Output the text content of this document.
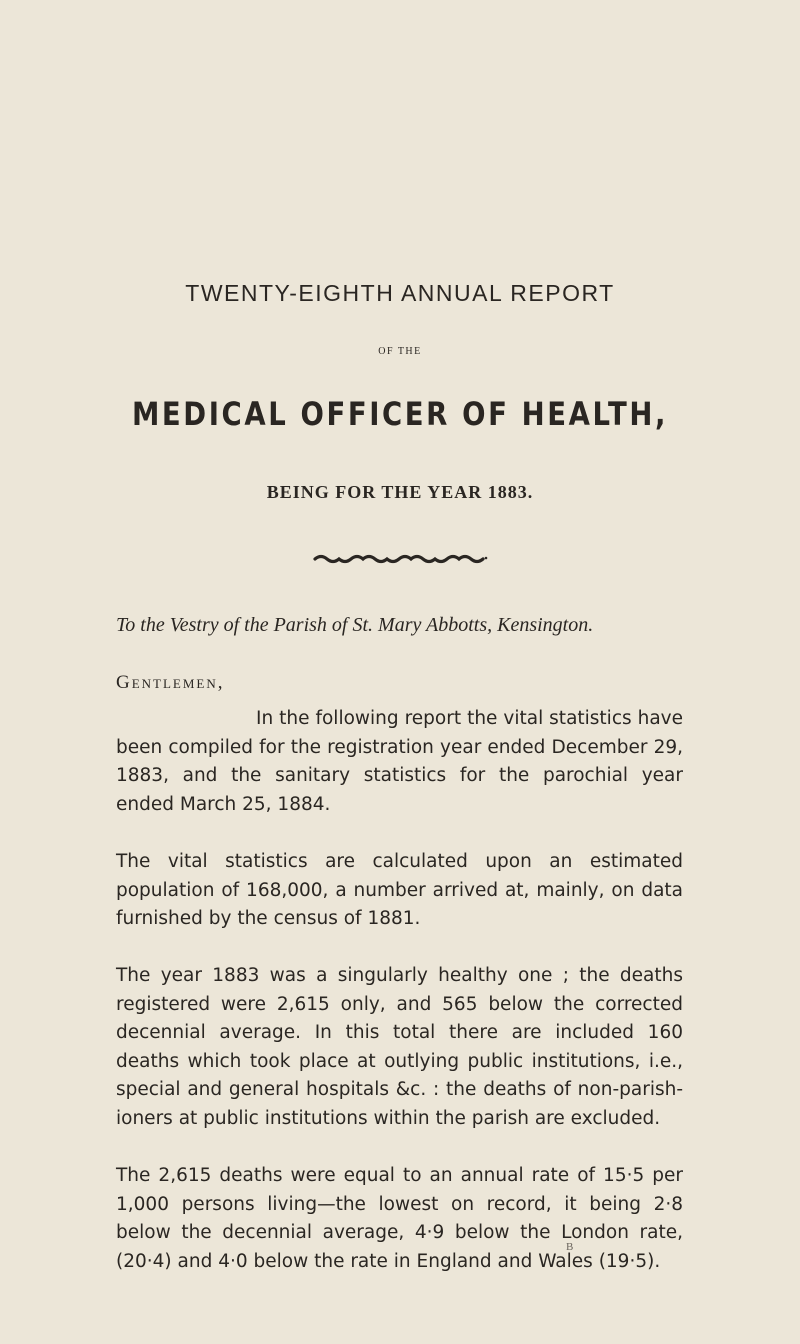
TWENTY-EIGHTH ANNUAL REPORT
OF THE
MEDICAL OFFICER OF HEALTH,
BEING FOR THE YEAR 1883.
To the Vestry of the Parish of St. Mary Abbotts, Kensington.
Gentlemen,

In the following report the vital statistics have been compiled for the registration year ended December 29, 1883, and the sanitary statistics for the parochial year ended March 25, 1884.

The vital statistics are calculated upon an estimated population of 168,000, a number arrived at, mainly, on data furnished by the census of 1881.

The year 1883 was a singularly healthy one ; the deaths registered were 2,615 only, and 565 below the corrected decennial average. In this total there are included 160 deaths which took place at outlying public institutions, i.e., special and general hospitals &c. : the deaths of non-parish- ioners at public institutions within the parish are excluded.

The 2,615 deaths were equal to an annual rate of 15·5 per 1,000 persons living—the lowest on record, it being 2·8 below the decennial average, 4·9 below the London rate, (20·4) and 4·0 below the rate in England and Wales (19·5).

B
